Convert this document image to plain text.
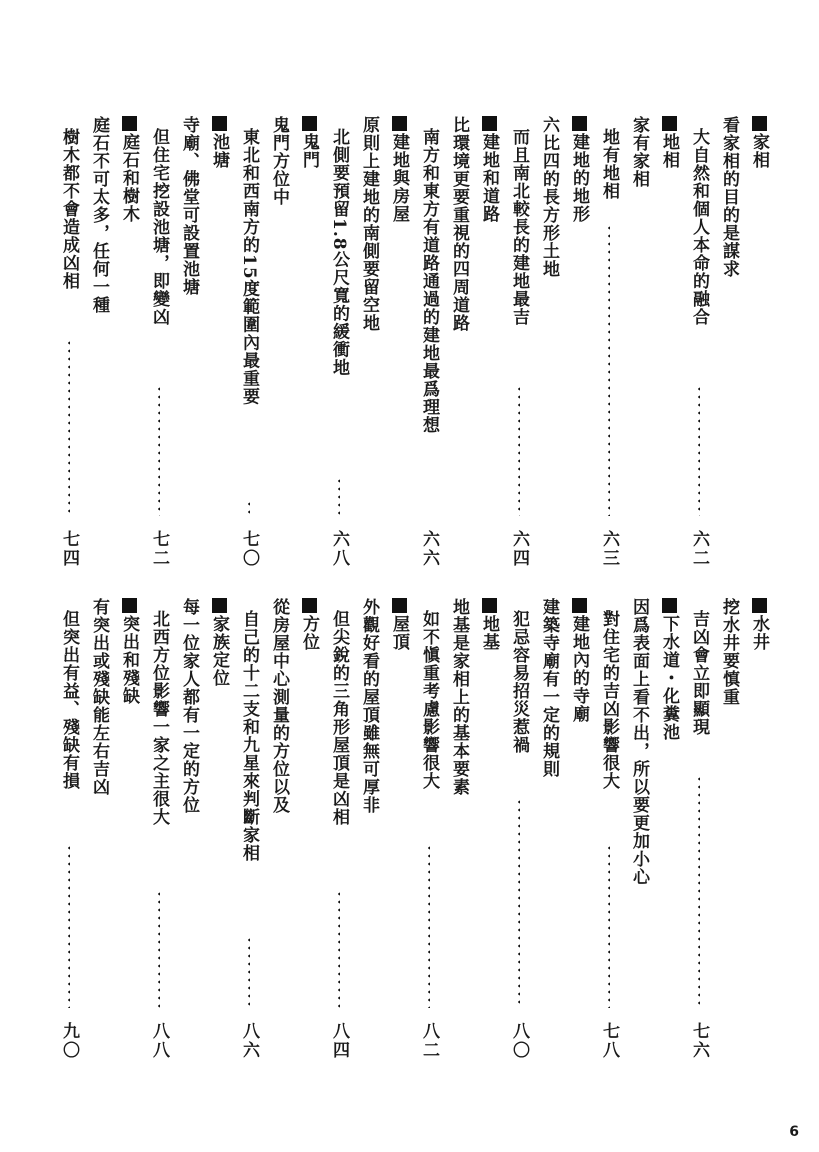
家相
看家相的目的是謀求
大自然和個人本命的融合
六二
地相
家有家相
地有地相
六三
建地的地形
六比四的長方形土地
而且南北較長的建地最吉
六四
建地和道路
比環境更要重視的四周道路
南方和東方有道路通過的建地最爲理想
六六
建地與房屋
原則上建地的南側要留空地
北側要預留1.8公尺寬的緩衝地
六八
鬼門
鬼門方位中
東北和西南方的15度範圍內最重要
七〇
池塘
寺廟、佛堂可設置池塘
但住宅挖設池塘，即變凶
七二
庭石和樹木
庭石不可太多，任何一種
樹木都不會造成凶相
七四
水井
挖水井要慎重
吉凶會立即顯現
七六
下水道・化糞池
因爲表面上看不出，所以要更加小心
對住宅的吉凶影響很大
七八
建地內的寺廟
建築寺廟有一定的規則
犯忌容易招災惹禍
八〇
地基
地基是家相上的基本要素
如不愼重考慮影響很大
八二
屋頂
外觀好看的屋頂雖無可厚非
但尖銳的三角形屋頂是凶相
八四
方位
從房屋中心測量的方位以及
自己的十二支和九星來判斷家相
八六
家族定位
每一位家人都有一定的方位
北西方位影響一家之主很大
八八
突出和殘缺
有突出或殘缺能左右吉凶
但突出有益、殘缺有損
九〇
6
